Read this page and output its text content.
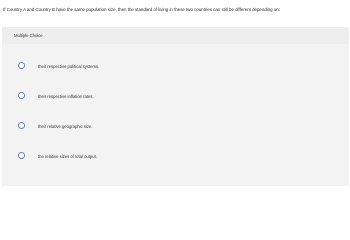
If Country A and Country B have the same population size, then the standard of living in these two countries can still be different depending on:
Multiple Choice
their respective political systems.
their respective inflation rates.
their relative geographic size.
the relative sizes of total output.
